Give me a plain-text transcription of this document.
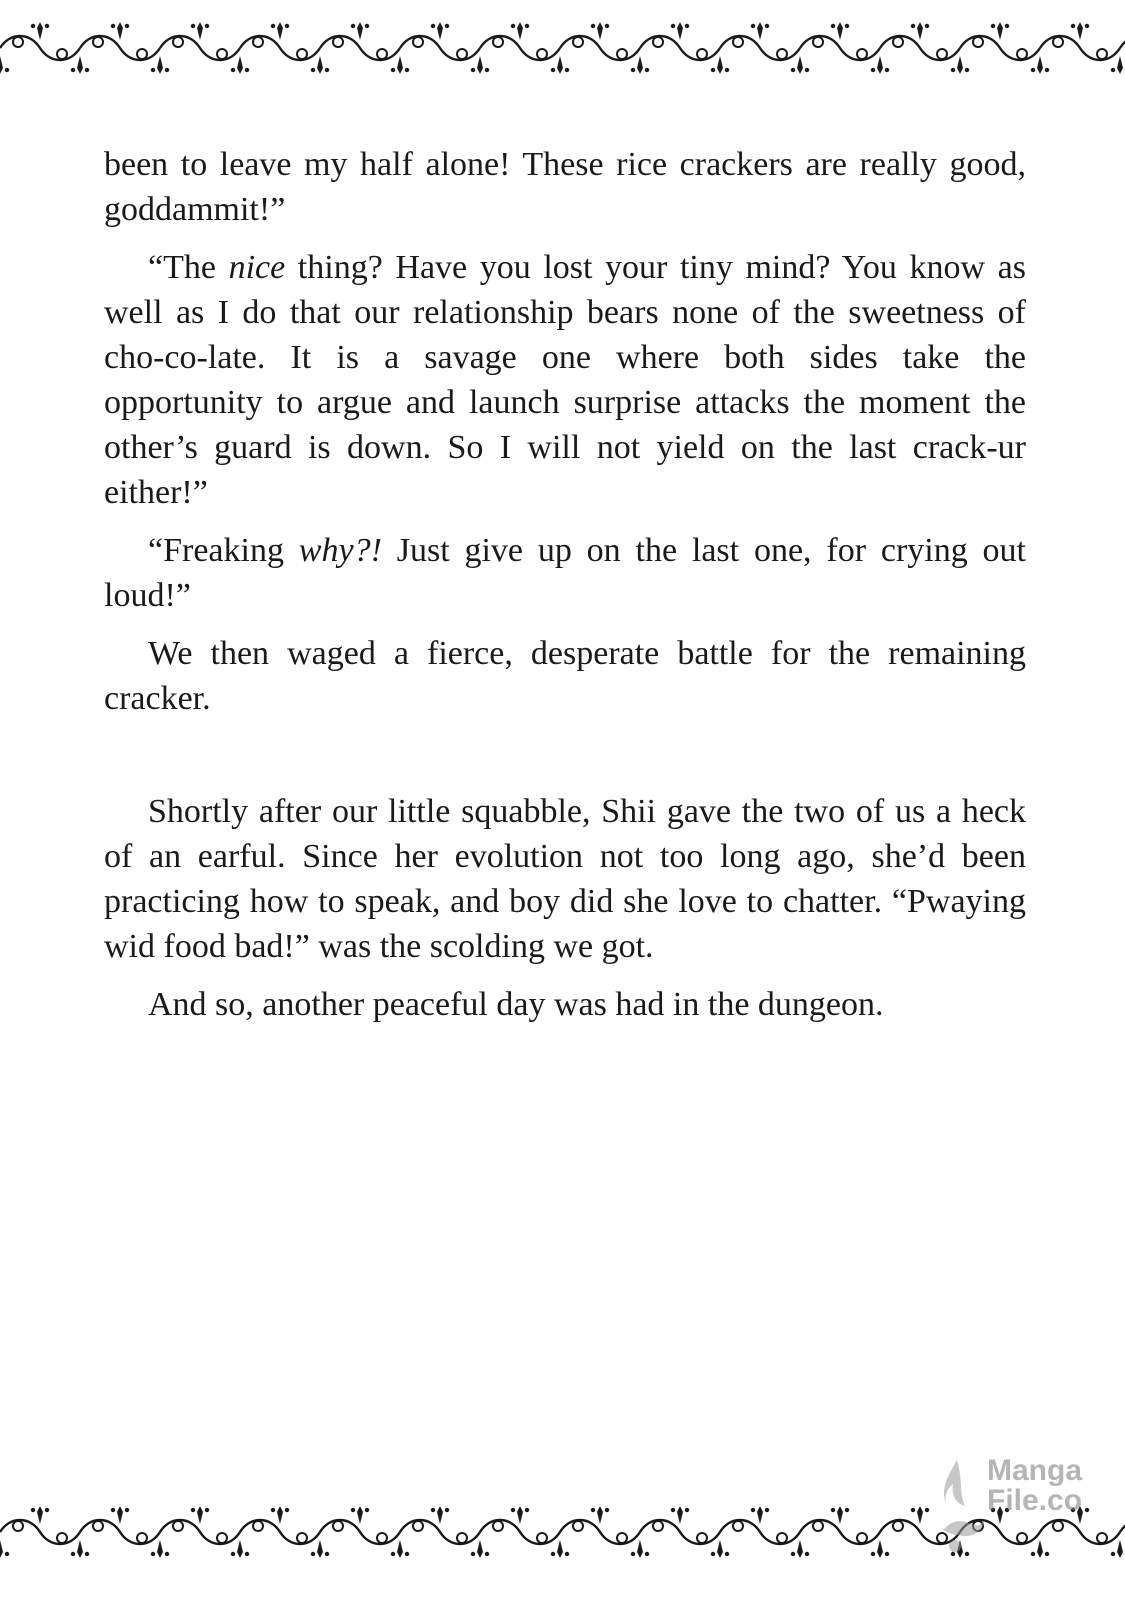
been to leave my half alone! These rice crackers are really good, goddammit!”

“The nice thing? Have you lost your tiny mind? You know as well as I do that our relationship bears none of the sweetness of cho-co-late. It is a savage one where both sides take the opportunity to argue and launch surprise attacks the moment the other’s guard is down. So I will not yield on the last crack-ur either!”

“Freaking why?! Just give up on the last one, for crying out loud!”

We then waged a fierce, desperate battle for the remaining cracker.

Shortly after our little squabble, Shii gave the two of us a heck of an earful. Since her evolution not too long ago, she’d been practicing how to speak, and boy did she love to chatter. “Pwaying wid food bad!” was the scolding we got.

And so, another peaceful day was had in the dungeon.

Manga
File.co
